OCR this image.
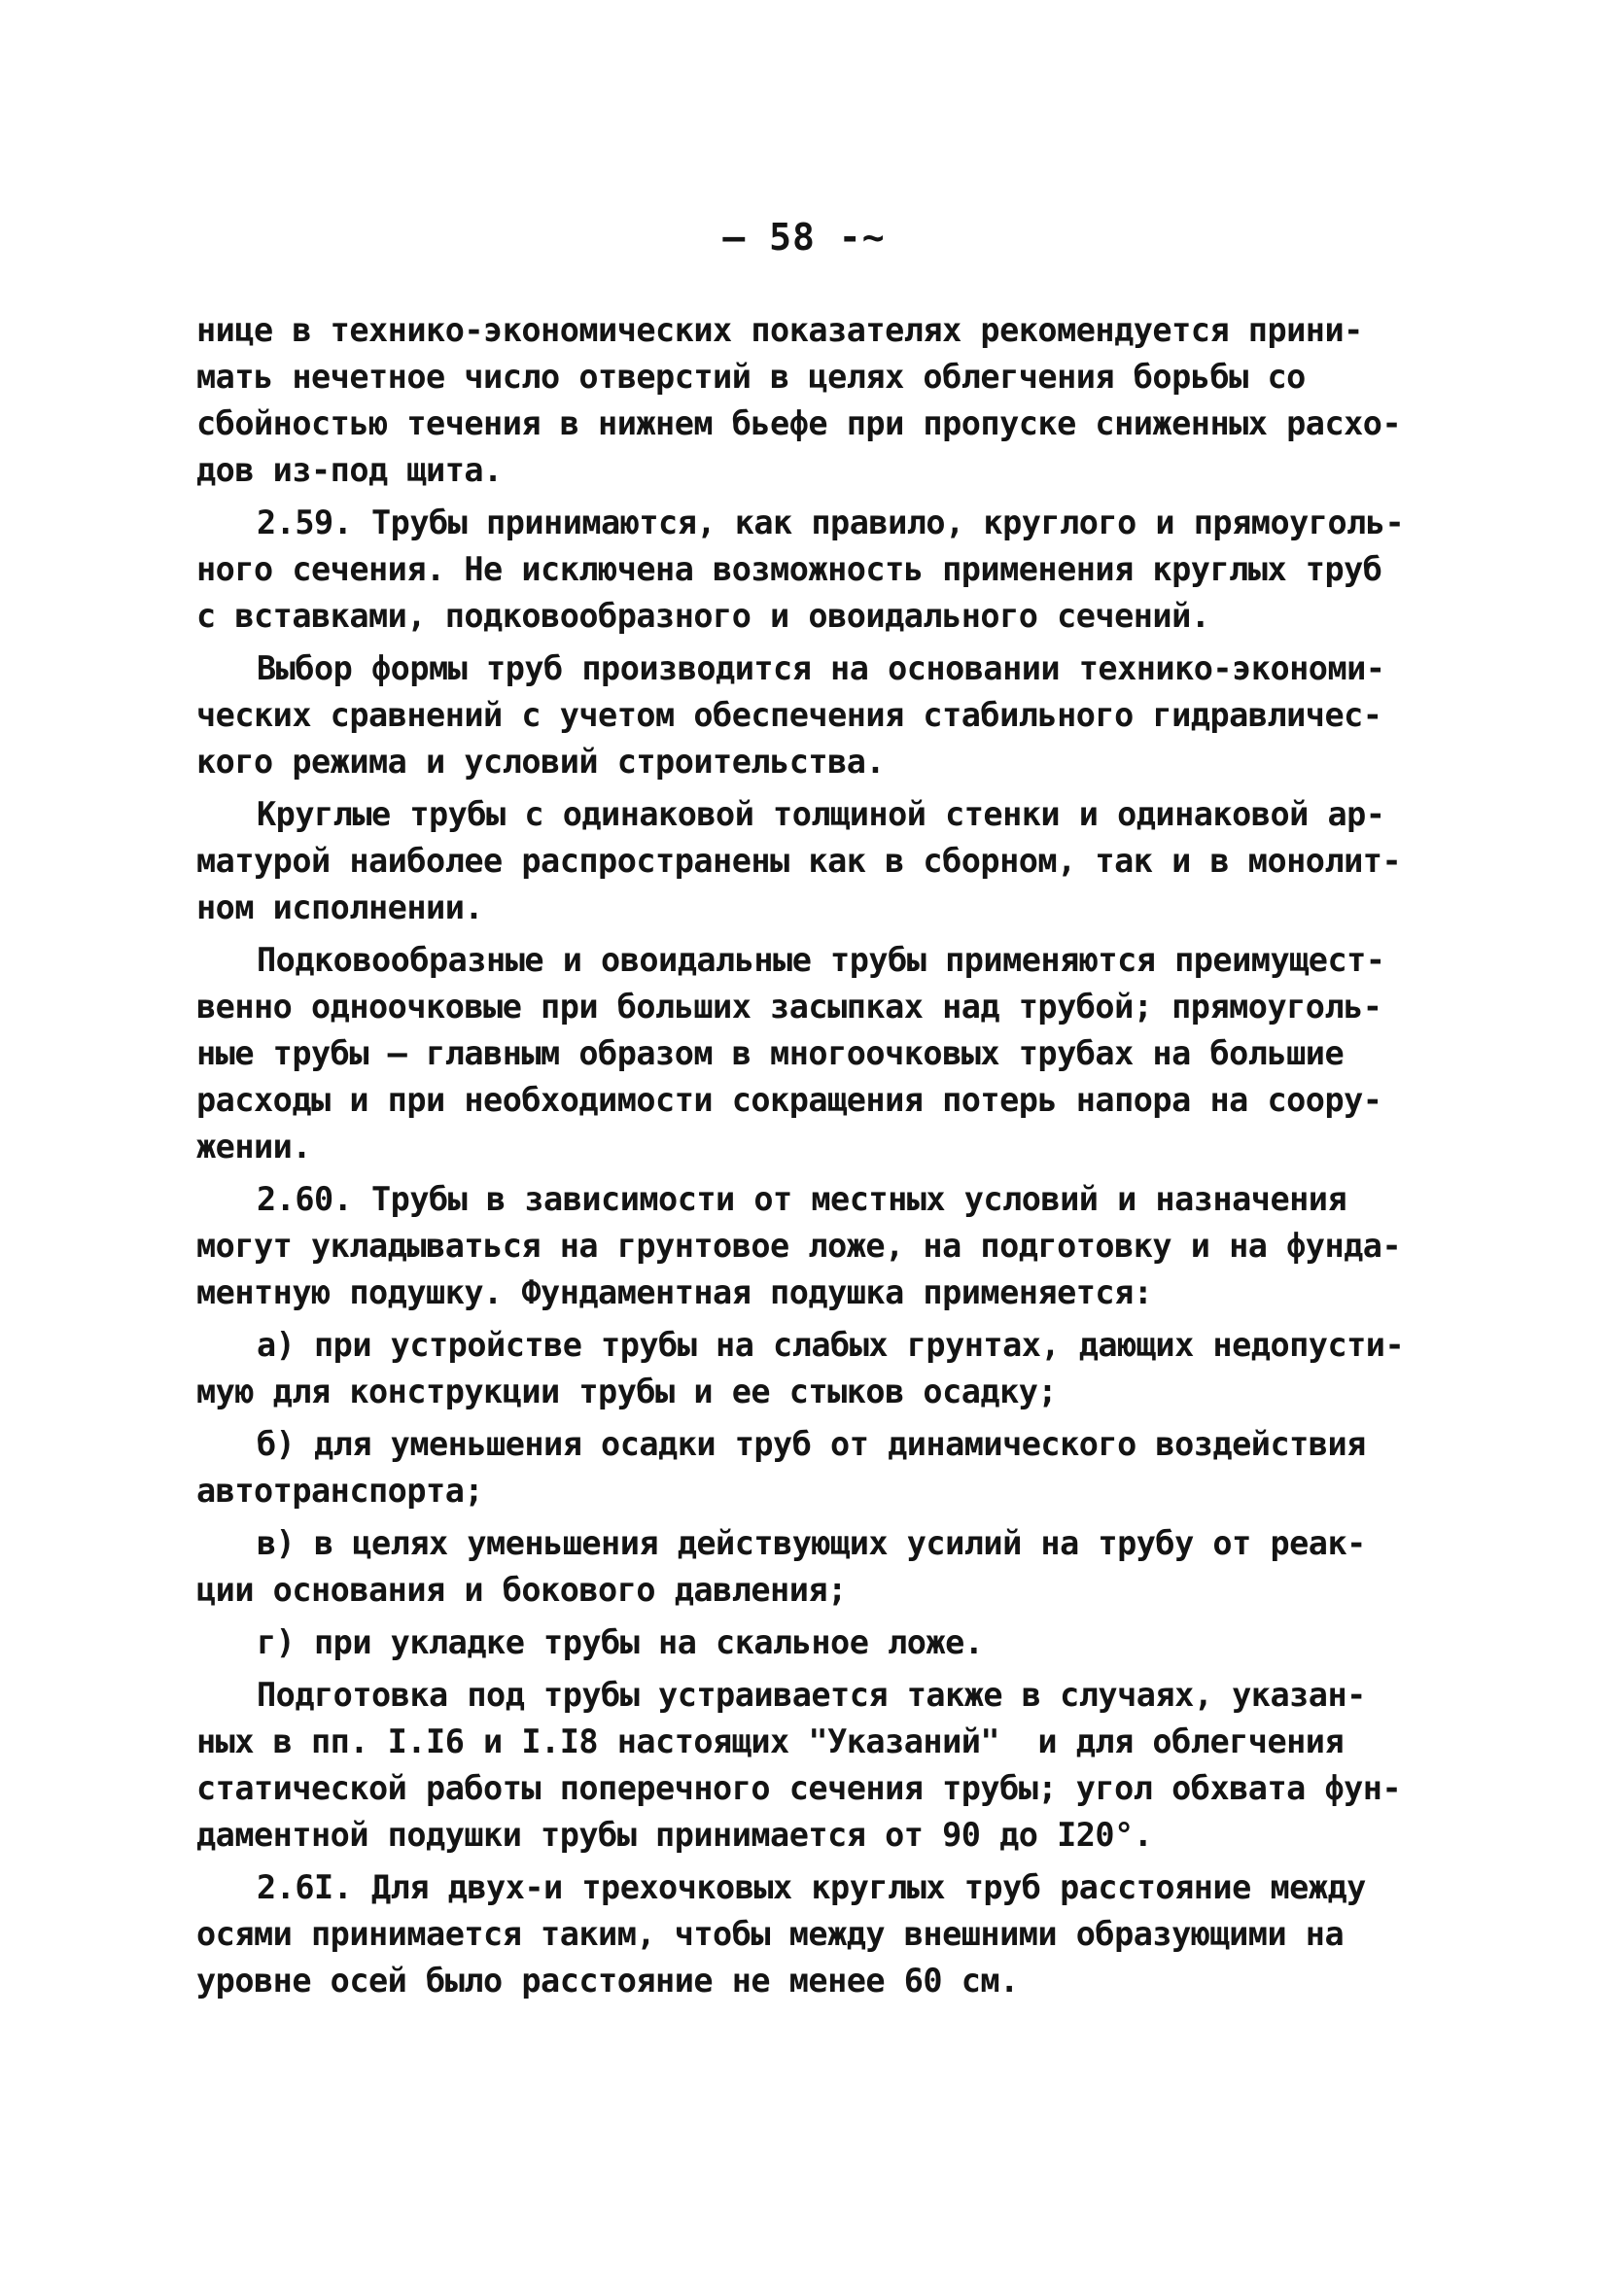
— 58 -~
нице в технико-экономических показателях рекомендуется прини-
мать нечетное число отверстий в целях облегчения борьбы со
сбойностью течения в нижнем бьефе при пропуске сниженных расхо-
дов из-под щита.
2.59. Трубы принимаются, как правило, круглого и прямоуголь-
ного сечения. Не исключена возможность применения круглых труб
с вставками, подковообразного и овоидального сечений.
Выбор формы труб производится на основании технико-экономи-
ческих сравнений с учетом обеспечения стабильного гидравличес-
кого режима и условий строительства.
Круглые трубы с одинаковой толщиной стенки и одинаковой ар-
матурой наиболее распространены как в сборном, так и в монолит-
ном исполнении.
Подковообразные и овоидальные трубы применяются преимущест-
венно одноочковые при больших засыпках над трубой; прямоуголь-
ные трубы – главным образом в многоочковых трубах на большие
расходы и при необходимости сокращения потерь напора на соору-
жении.
2.60. Трубы в зависимости от местных условий и назначения
могут укладываться на грунтовое ложе, на подготовку и на фунда-
ментную подушку. Фундаментная подушка применяется:
а) при устройстве трубы на слабых грунтах, дающих недопусти-
мую для конструкции трубы и ее стыков осадку;
б) для уменьшения осадки труб от динамического воздействия
автотранспорта;
в) в целях уменьшения действующих усилий на трубу от реак-
ции основания и бокового давления;
г) при укладке трубы на скальное ложе.
Подготовка под трубы устраивается также в случаях, указан-
ных в пп. I.I6 и I.I8 настоящих "Указаний"  и для облегчения
статической работы поперечного сечения трубы; угол обхвата фун-
даментной подушки трубы принимается от 90 до I20°.
2.6I. Для двух-и трехочковых круглых труб расстояние между
осями принимается таким, чтобы между внешними образующими на
уровне осей было расстояние не менее 60 см.
